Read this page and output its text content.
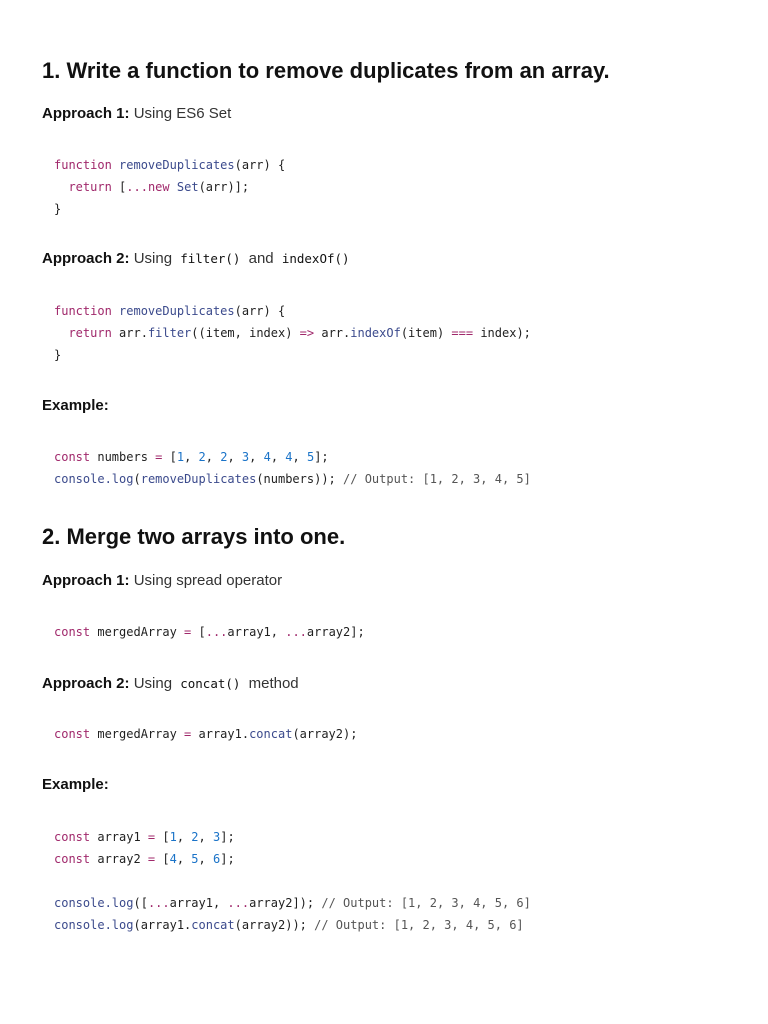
1. Write a function to remove duplicates from an array.

Approach 1: Using ES6 Set

function removeDuplicates(arr) {
return [...new Set(arr)];
}

Approach 2: Using filter() and indexOf()

function removeDuplicates(arr) {
return arr.filter((item, index) => arr.indexOf(item) === index);
}

Example:

const numbers = [1, 2, 2, 3, 4, 4, 5];
console.log(removeDuplicates(numbers)); // Output: [1, 2, 3, 4, 5]
2. Merge two arrays into one.

Approach 1: Using spread operator

const mergedArray = [...array1, ...array2];

Approach 2: Using concat() method

const mergedArray = array1.concat(array2);

Example:

const array1 = [1, 2, 3];
const array2 = [4, 5, 6];
console.log([...array1, ...array2]); // Output: [1, 2, 3, 4, 5, 6]
console.log(array1.concat(array2)); // Output: [1, 2, 3, 4, 5, 6]
